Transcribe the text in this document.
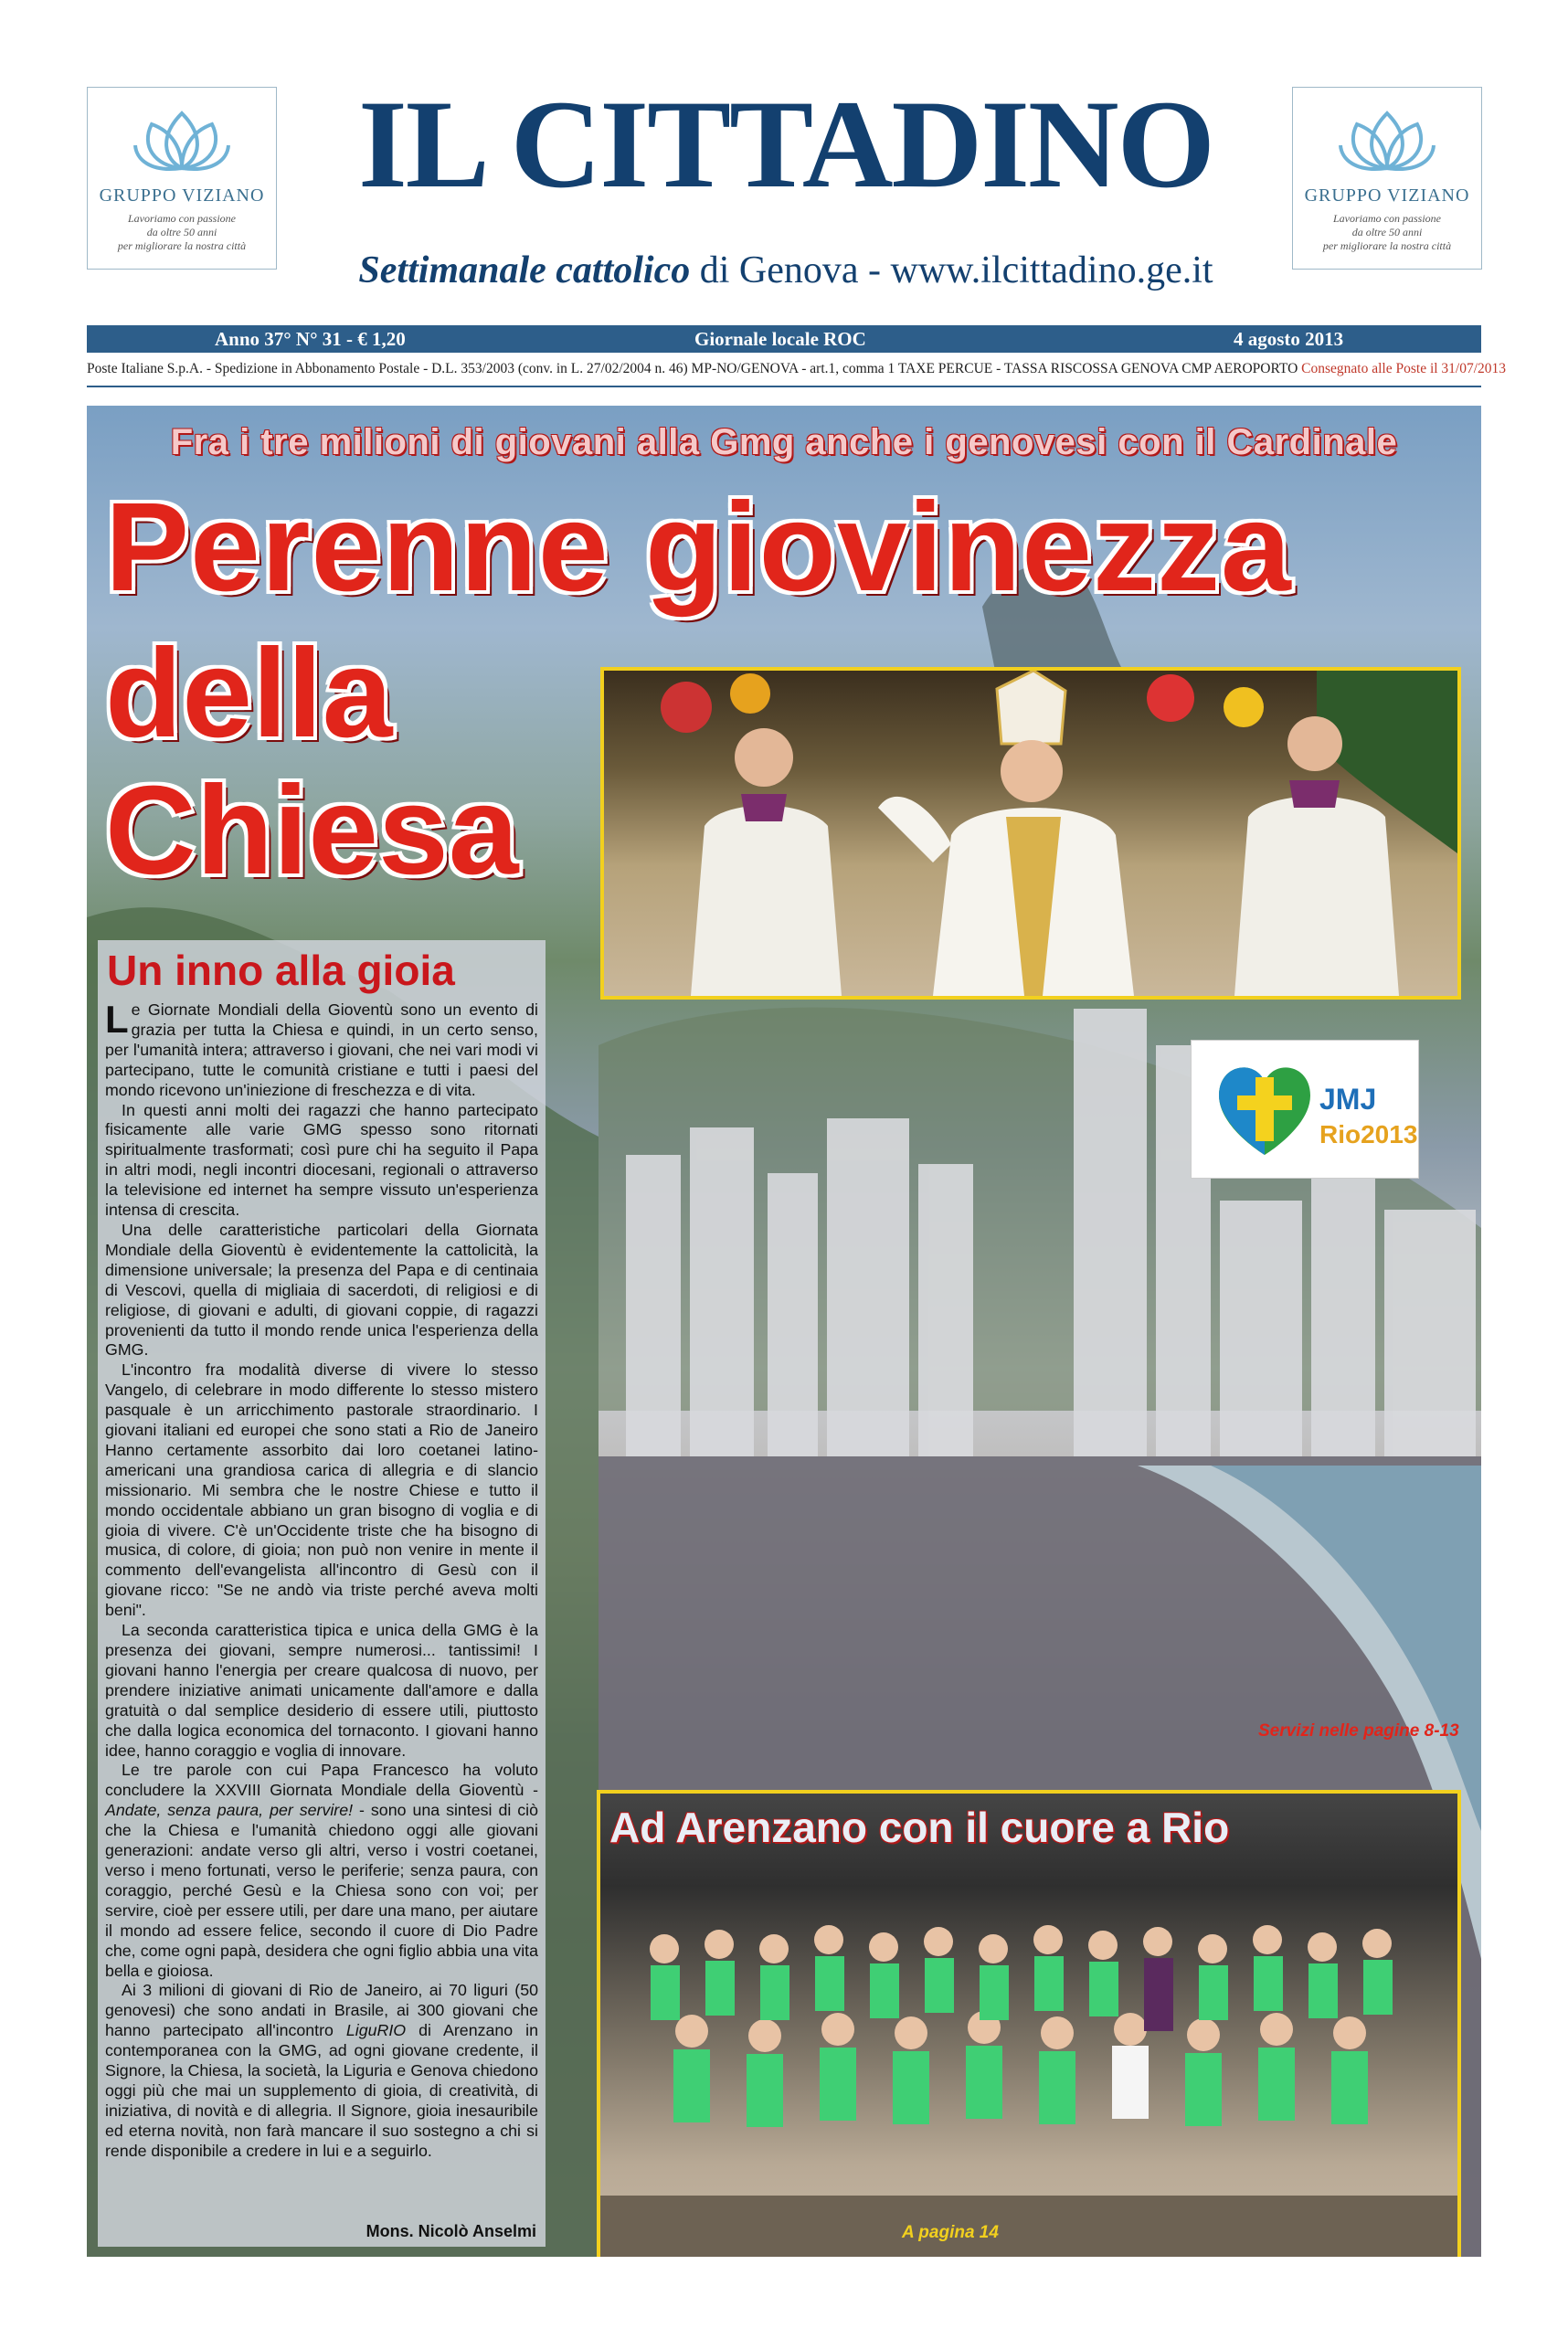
GRUPPO VIZIANO
Lavoriamo con passione
da oltre 50 anni
per migliorare la nostra città
GRUPPO VIZIANO
Lavoriamo con passione
da oltre 50 anni
per migliorare la nostra città
IL CITTADINO
Settimanale cattolico di Genova - www.ilcittadino.ge.it
Anno 37° N° 31 - € 1,20	Giornale locale ROC	4 agosto 2013
Poste Italiane S.p.A. - Spedizione in Abbonamento Postale - D.L. 353/2003 (conv. in L. 27/02/2004 n. 46) MP-NO/GENOVA - art.1, comma 1 TAXE PERCUE - TASSA RISCOSSA GENOVA CMP AEROPORTO Consegnato alle Poste il 31/07/2013
Fra i tre milioni di giovani alla Gmg anche i genovesi con il Cardinale
Perenne giovinezza
della
Chiesa
JMJ
Rio2013
Un inno alla gioia

Le Giornate Mondiali della Gioventù sono un evento di grazia per tutta la Chiesa e quindi, in un certo senso, per l'umanità intera; attraverso i giovani, che nei vari modi vi partecipano, tutte le comunità cristiane e tutti i paesi del mondo ricevono un'iniezione di freschezza e di vita.

In questi anni molti dei ragazzi che hanno partecipato fisicamente alle varie GMG spesso sono ritornati spiritualmente trasformati; così pure chi ha seguito il Papa in altri modi, negli incontri diocesani, regionali o attraverso la televisione ed internet ha sempre vissuto un'esperienza intensa di crescita.

Una delle caratteristiche particolari della Giornata Mondiale della Gioventù è evidentemente la cattolicità, la dimensione universale; la presenza del Papa e di centinaia di Vescovi, quella di migliaia di sacerdoti, di religiosi e di religiose, di giovani e adulti, di giovani coppie, di ragazzi provenienti da tutto il mondo rende unica l'esperienza della GMG.

L'incontro fra modalità diverse di vivere lo stesso Vangelo, di celebrare in modo differente lo stesso mistero pasquale è un arricchimento pastorale straordinario. I giovani italiani ed europei che sono stati a Rio de Janeiro Hanno certamente assorbito dai loro coetanei latino-americani una grandiosa carica di allegria e di slancio missionario. Mi sembra che le nostre Chiese e tutto il mondo occidentale abbiano un gran bisogno di voglia e di gioia di vivere. C'è un'Occidente triste che ha bisogno di musica, di colore, di gioia; non può non venire in mente il commento dell'evangelista all'incontro di Gesù con il giovane ricco: "Se ne andò via triste perché aveva molti beni".

La seconda caratteristica tipica e unica della GMG è la presenza dei giovani, sempre numerosi... tantissimi! I giovani hanno l'energia per creare qualcosa di nuovo, per prendere iniziative animati unicamente dall'amore e dalla gratuità o dal semplice desiderio di essere utili, piuttosto che dalla logica economica del tornaconto. I giovani hanno idee, hanno coraggio e voglia di innovare.

Le tre parole con cui Papa Francesco ha voluto concludere la XXVIII Giornata Mondiale della Gioventù - Andate, senza paura, per servire! - sono una sintesi di ciò che la Chiesa e l'umanità chiedono oggi alle giovani generazioni: andate verso gli altri, verso i vostri coetanei, verso i meno fortunati, verso le periferie; senza paura, con coraggio, perché Gesù e la Chiesa sono con voi; per servire, cioè per essere utili, per dare una mano, per aiutare il mondo ad essere felice, secondo il cuore di Dio Padre che, come ogni papà, desidera che ogni figlio abbia una vita bella e gioiosa.

Ai 3 milioni di giovani di Rio de Janeiro, ai 70 liguri (50 genovesi) che sono andati in Brasile, ai 300 giovani che hanno partecipato all'incontro LiguRIO di Arenzano in contemporanea con la GMG, ad ogni giovane credente, il Signore, la Chiesa, la società, la Liguria e Genova chiedono oggi più che mai un supplemento di gioia, di creatività, di iniziativa, di novità e di allegria. Il Signore, gioia inesauribile ed eterna novità, non farà mancare il suo sostegno a chi si rende disponibile a credere in lui e a seguirlo.

Mons. Nicolò Anselmi
Servizi nelle pagine 8-13
Ad Arenzano con il cuore a Rio
A pagina 14
